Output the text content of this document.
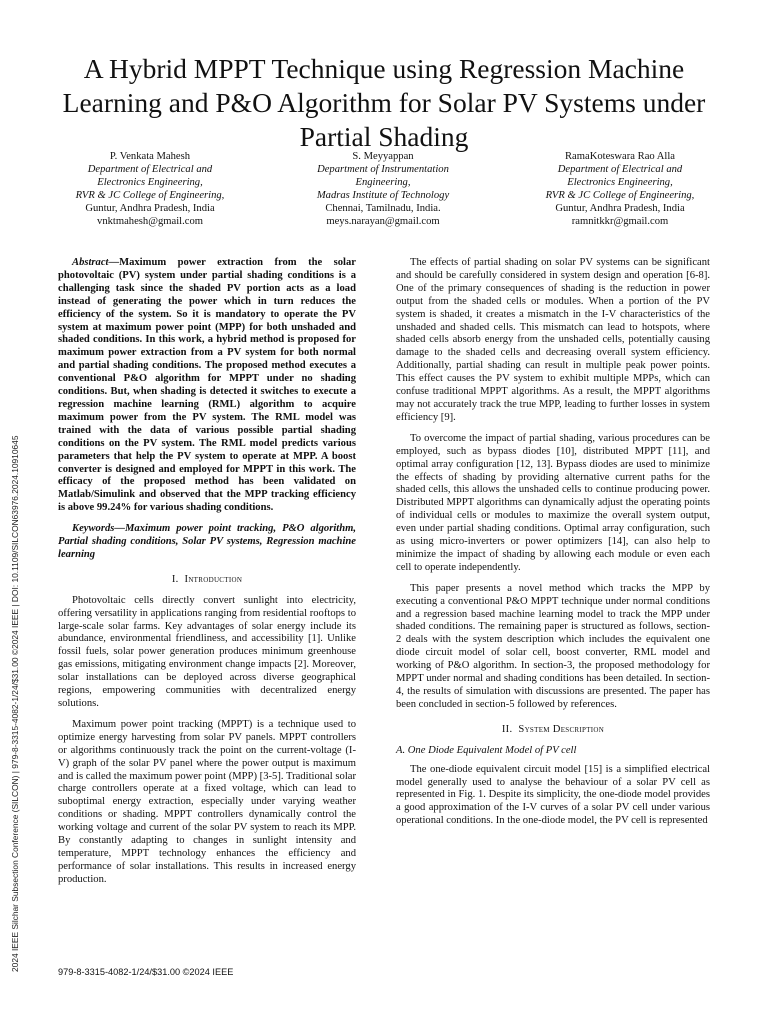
A Hybrid MPPT Technique using Regression Machine Learning and P&O Algorithm for Solar PV Systems under Partial Shading
P. Venkata Mahesh
Department of Electrical and
Electronics Engineering,
RVR & JC College of Engineering,
Guntur, Andhra Pradesh, India
vnktmahesh@gmail.com
S. Meyyappan
Department of Instrumentation
Engineering,
Madras Institute of Technology
Chennai, Tamilnadu, India.
meys.narayan@gmail.com
RamaKoteswara Rao Alla
Department of Electrical and
Electronics Engineering,
RVR & JC College of Engineering,
Guntur, Andhra Pradesh, India
ramnitkkr@gmail.com

Abstract—Maximum power extraction from the solar photovoltaic (PV) system under partial shading conditions is a challenging task since the shaded PV portion acts as a load instead of generating the power which in turn reduces the efficiency of the system. So it is mandatory to operate the PV system at maximum power point (MPP) for both unshaded and shaded conditions. In this work, a hybrid method is proposed for maximum power extraction from a PV system for both normal and partial shading conditions. The proposed method executes a conventional P&O algorithm for MPPT under no shading conditions. But, when shading is detected it switches to execute a regression machine learning (RML) algorithm to acquire maximum power from the PV system. The RML model was trained with the data of various possible partial shading conditions on the PV system. The RML model predicts various parameters that help the PV system to operate at MPP. A boost converter is designed and employed for MPPT in this work. The efficacy of the proposed method has been validated on Matlab/Simulink and observed that the MPP tracking efficiency is above 99.24% for various shading conditions.

Keywords—Maximum power point tracking, P&O algorithm, Partial shading conditions, Solar PV systems, Regression machine learning

I. Introduction

Photovoltaic cells directly convert sunlight into electricity, offering versatility in applications ranging from residential rooftops to large-scale solar farms. Key advantages of solar energy include its abundance, environmental friendliness, and accessibility [1]. Unlike fossil fuels, solar power generation produces minimum greenhouse gas emissions, mitigating environment change impacts [2]. Moreover, solar installations can be deployed across diverse geographical regions, empowering communities with decentralized energy solutions.

Maximum power point tracking (MPPT) is a technique used to optimize energy harvesting from solar PV panels. MPPT controllers or algorithms continuously track the point on the current-voltage (I-V) graph of the solar PV panel where the power output is maximum and is called the maximum power point (MPP) [3-5]. Traditional solar charge controllers operate at a fixed voltage, which can lead to suboptimal energy extraction, especially under varying weather conditions or shading. MPPT controllers dynamically control the working voltage and current of the solar PV system to reach its MPP. By constantly adapting to changes in sunlight intensity and temperature, MPPT technology enhances the efficiency and performance of solar installations. This results in increased energy production.

The effects of partial shading on solar PV systems can be significant and should be carefully considered in system design and operation [6-8]. One of the primary consequences of shading is the reduction in power output from the shaded cells or modules. When a portion of the PV system is shaded, it creates a mismatch in the I-V characteristics of the unshaded and shaded cells. This mismatch can lead to hotspots, where shaded cells absorb energy from the unshaded cells, potentially causing damage to the shaded cells and decreasing overall system efficiency. Additionally, partial shading can result in multiple peak power points. This effect causes the PV system to exhibit multiple MPPs, which can confuse traditional MPPT algorithms. As a result, the MPPT algorithms may not accurately track the true MPP, leading to further losses in system efficiency [9].

To overcome the impact of partial shading, various procedures can be employed, such as bypass diodes [10], distributed MPPT [11], and optimal array configuration [12, 13]. Bypass diodes are used to minimize the effects of shading by providing alternative current paths for the shaded cells, this allows the unshaded cells to continue producing power. Distributed MPPT algorithms can dynamically adjust the operating points of individual cells or modules to maximize the overall system output, even under partial shading conditions. Optimal array configuration, such as using micro-inverters or power optimizers [14], can also help to minimize the impact of shading by allowing each module or even each cell to operate independently.

This paper presents a novel method which tracks the MPP by executing a conventional P&O MPPT technique under normal conditions and a regression based machine learning model to track the MPP under shaded conditions. The remaining paper is structured as follows, section-2 deals with the system description which includes the equivalent one diode circuit model of solar cell, boost converter, RML model and working of P&O algorithm. In section-3, the proposed methodology for MPPT under normal and shading conditions has been detailed. In section-4, the results of simulation with discussions are presented. The paper has been concluded in section-5 followed by references.

II. System Description

A. One Diode Equivalent Model of PV cell

The one-diode equivalent circuit model [15] is a simplified electrical model generally used to analyse the behaviour of a solar PV cell as represented in Fig. 1. Despite its simplicity, the one-diode model provides a good approximation of the I-V curves of a solar PV cell under various operational conditions. In the one-diode model, the PV cell is represented

2024 IEEE Silchar Subsection Conference (SILCON) | 979-8-3315-4082-1/24/$31.00 ©2024 IEEE | DOI: 10.1109/SILCON63976.2024.10910645	979-8-3315-4082-1/24/$31.00 ©2024 IEEE
